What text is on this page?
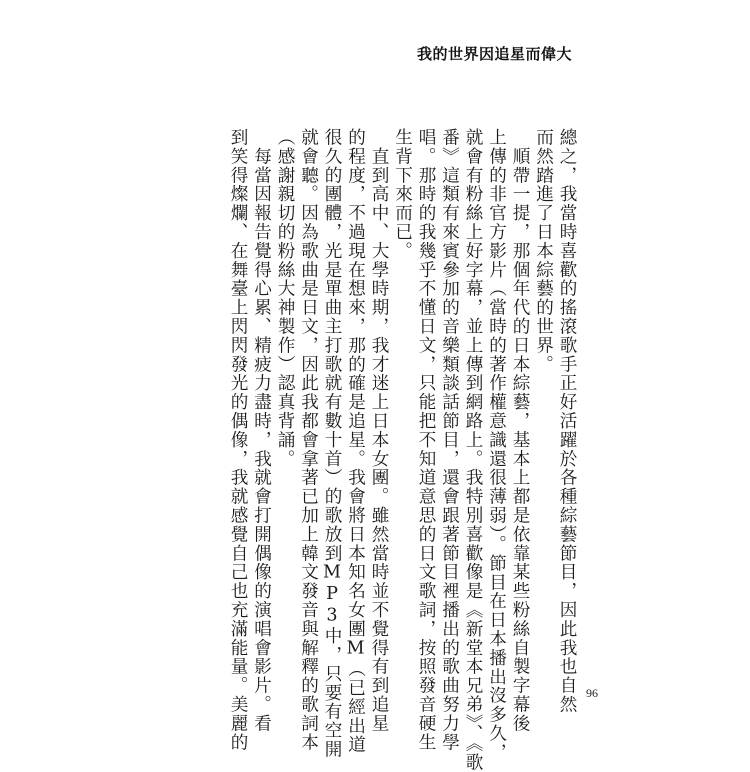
我的世界因追星而偉大
總之，我當時喜歡的搖滾歌手正好活躍於各種綜藝節目，因此我也自然
而然踏進了日本綜藝的世界。
　順帶一提，那個年代的日本綜藝，基本上都是依靠某些粉絲自製字幕後
上傳的非官方影片（當時的著作權意識還很薄弱）。節目在日本播出沒多久，
就會有粉絲上好字幕，並上傳到網路上。我特別喜歡像是《新堂本兄弟》、《歌
番》這類有來賓參加的音樂類談話節目，還會跟著節目裡播出的歌曲努力學
唱。那時的我幾乎不懂日文，只能把不知道意思的日文歌詞，按照發音硬生
生背下來而已。
　直到高中、大學時期，我才迷上日本女團。雖然當時並不覺得有到追星
的程度，不過現在想來，那的確是追星。我會將日本知名女團M（已經出道
很久的團體，光是單曲主打歌就有數十首）的歌放到MP3中，只要有空開
就會聽。因為歌曲是日文，因此我都會拿著已加上韓文發音與解釋的歌詞本
（感謝親切的粉絲大神製作）認真背誦。
　每當因報告覺得心累、精疲力盡時，我就會打開偶像的演唱會影片。看
到笑得燦爛、在舞臺上閃閃發光的偶像，我就感覺自己也充滿能量。美麗的	96
